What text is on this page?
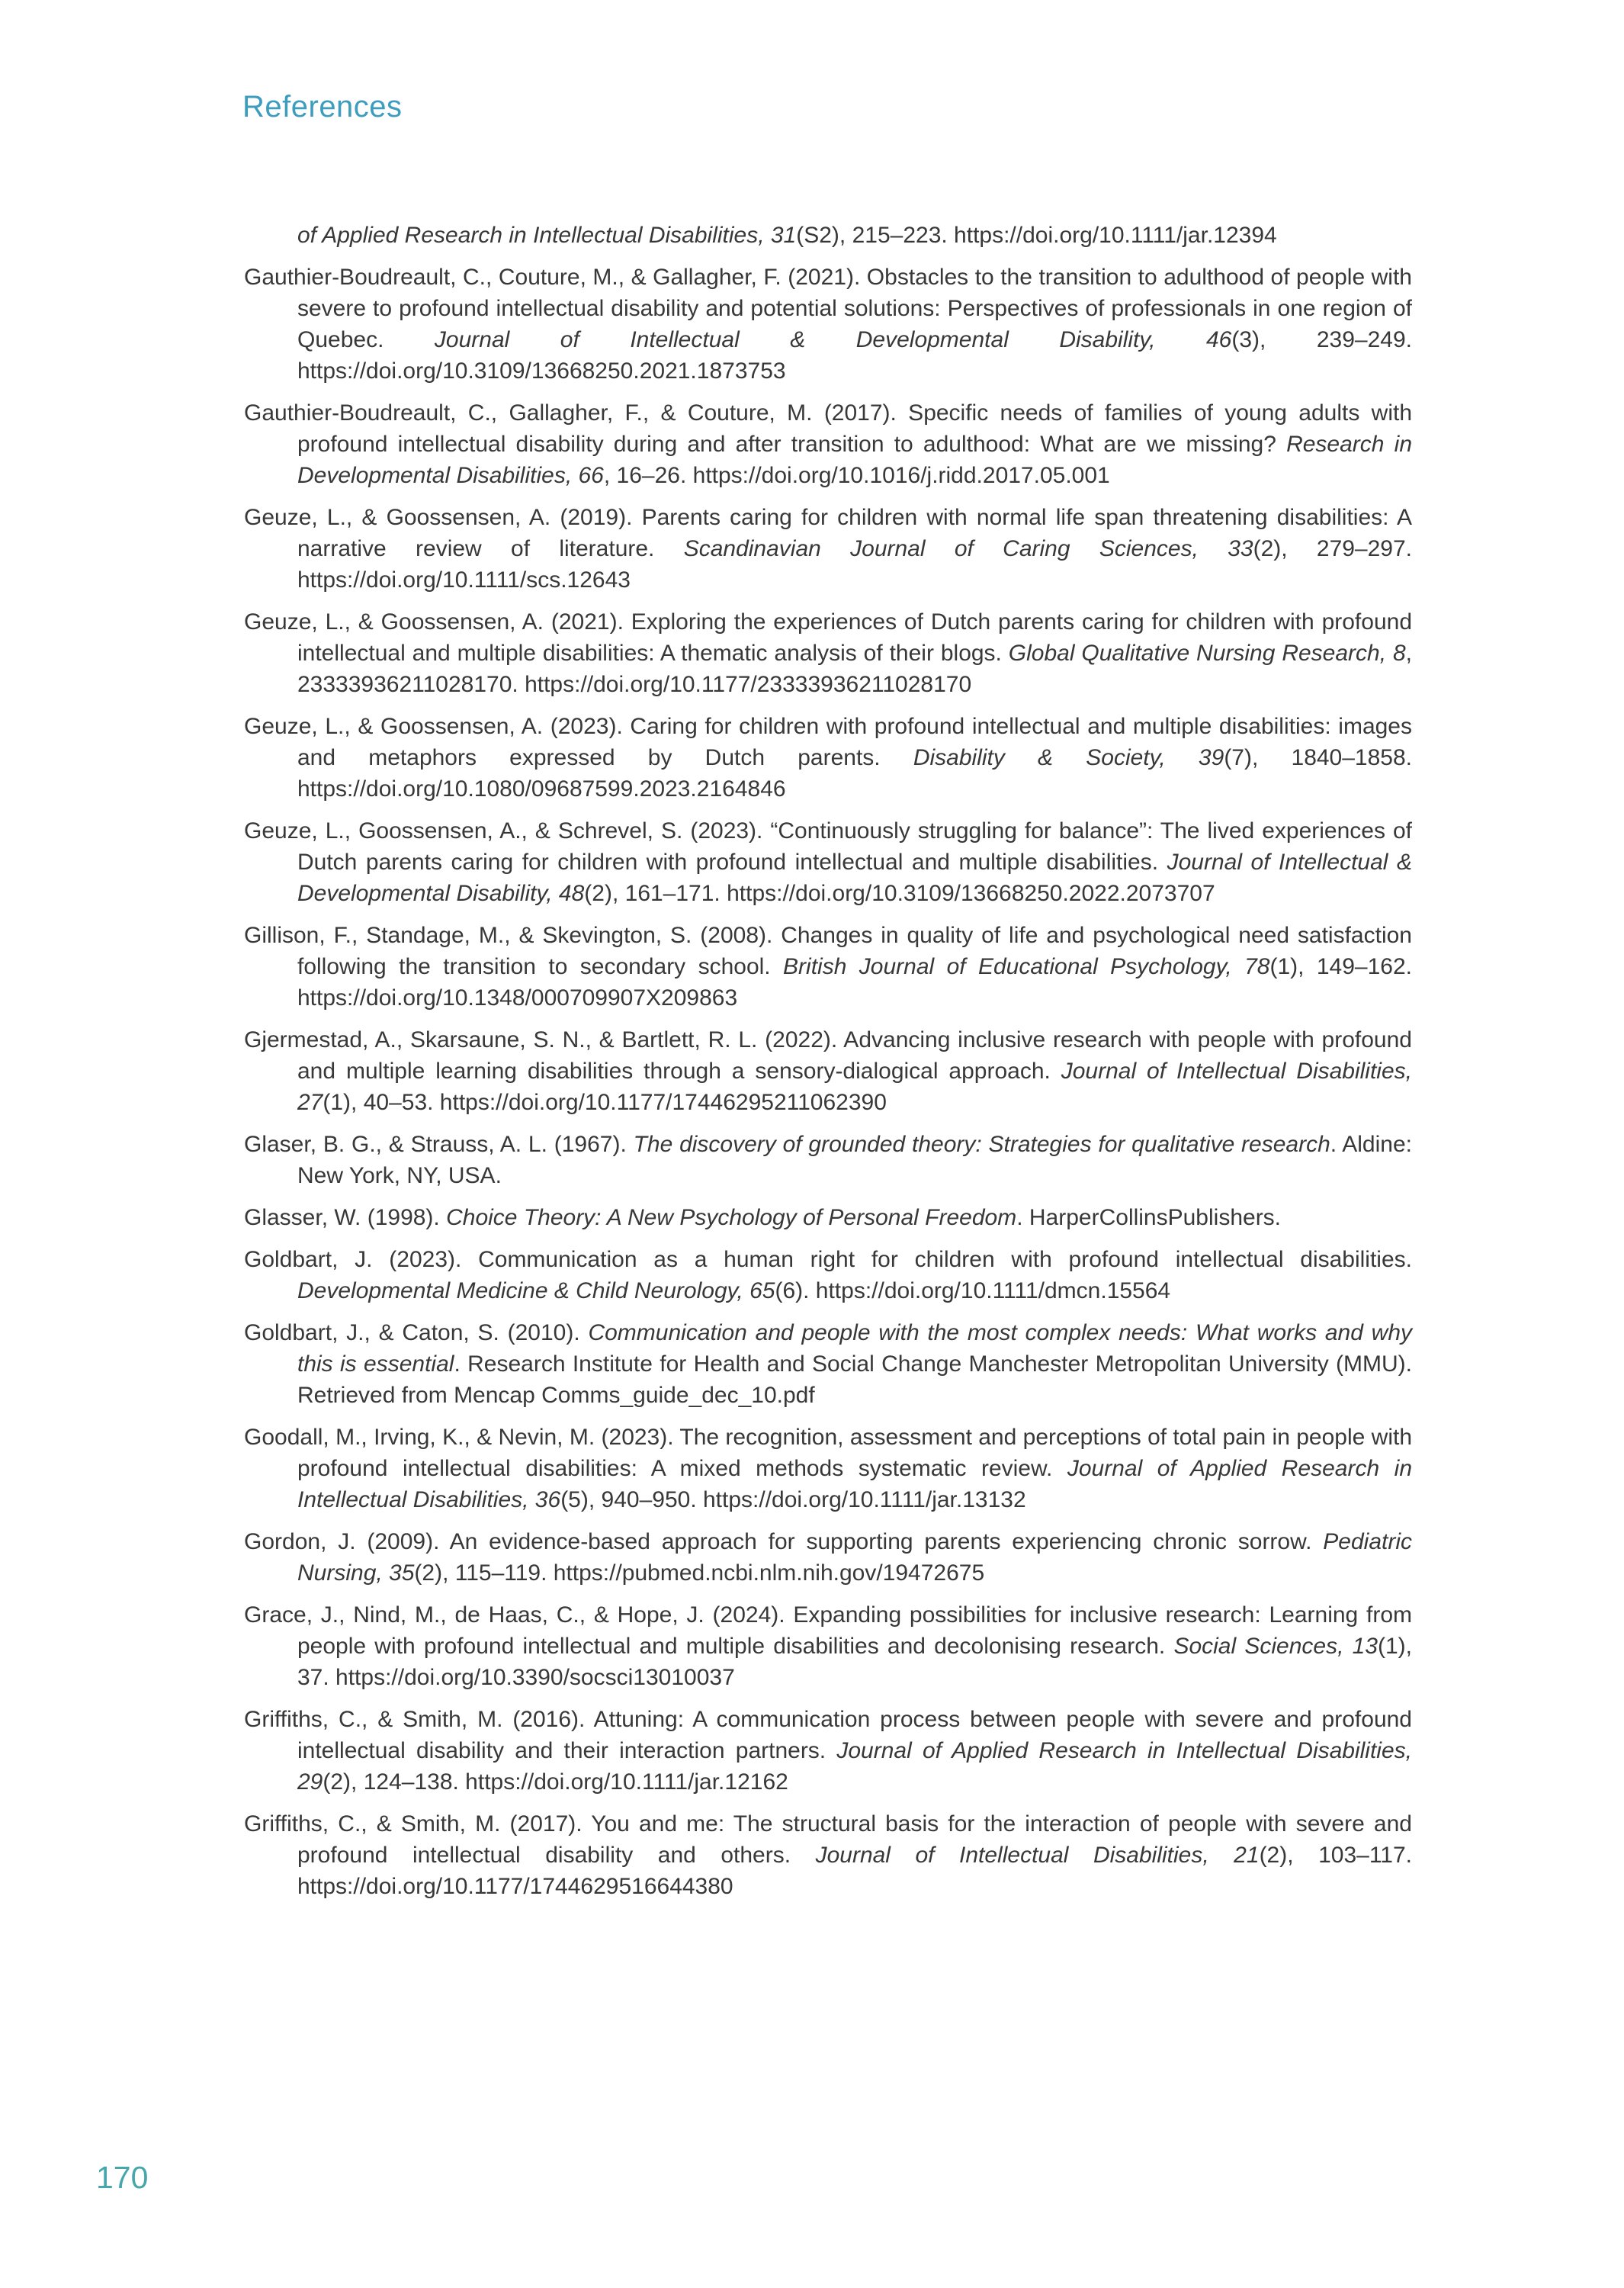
References

of Applied Research in Intellectual Disabilities, 31(S2), 215–223. https://doi.org/10.1111/jar.12394

Gauthier-Boudreault, C., Couture, M., & Gallagher, F. (2021). Obstacles to the transition to adulthood of people with severe to profound intellectual disability and potential solutions: Perspectives of professionals in one region of Quebec. Journal of Intellectual & Developmental Disability, 46(3), 239–249. https://doi.org/10.3109/13668250.2021.1873753

Gauthier-Boudreault, C., Gallagher, F., & Couture, M. (2017). Specific needs of families of young adults with profound intellectual disability during and after transition to adulthood: What are we missing? Research in Developmental Disabilities, 66, 16–26. https://doi.org/10.1016/j.ridd.2017.05.001

Geuze, L., & Goossensen, A. (2019). Parents caring for children with normal life span threatening disabilities: A narrative review of literature. Scandinavian Journal of Caring Sciences, 33(2), 279–297. https://doi.org/10.1111/scs.12643

Geuze, L., & Goossensen, A. (2021). Exploring the experiences of Dutch parents caring for children with profound intellectual and multiple disabilities: A thematic analysis of their blogs. Global Qualitative Nursing Research, 8, 23333936211028170. https://doi.org/10.1177/23333936211028170

Geuze, L., & Goossensen, A. (2023). Caring for children with profound intellectual and multiple disabilities: images and metaphors expressed by Dutch parents. Disability & Society, 39(7), 1840–1858. https://doi.org/10.1080/09687599.2023.2164846

Geuze, L., Goossensen, A., & Schrevel, S. (2023). “Continuously struggling for balance”: The lived experiences of Dutch parents caring for children with profound intellectual and multiple disabilities. Journal of Intellectual & Developmental Disability, 48(2), 161–171. https://doi.org/10.3109/13668250.2022.2073707

Gillison, F., Standage, M., & Skevington, S. (2008). Changes in quality of life and psychological need satisfaction following the transition to secondary school. British Journal of Educational Psychology, 78(1), 149–162. https://doi.org/10.1348/000709907X209863

Gjermestad, A., Skarsaune, S. N., & Bartlett, R. L. (2022). Advancing inclusive research with people with profound and multiple learning disabilities through a sensory-dialogical approach. Journal of Intellectual Disabilities, 27(1), 40–53. https://doi.org/10.1177/17446295211062390

Glaser, B. G., & Strauss, A. L. (1967). The discovery of grounded theory: Strategies for qualitative research. Aldine: New York, NY, USA.

Glasser, W. (1998). Choice Theory: A New Psychology of Personal Freedom. HarperCollinsPublishers.

Goldbart, J. (2023). Communication as a human right for children with profound intellectual disabilities. Developmental Medicine & Child Neurology, 65(6). https://doi.org/10.1111/dmcn.15564

Goldbart, J., & Caton, S. (2010). Communication and people with the most complex needs: What works and why this is essential. Research Institute for Health and Social Change Manchester Metropolitan University (MMU). Retrieved from Mencap Comms_guide_dec_10.pdf

Goodall, M., Irving, K., & Nevin, M. (2023). The recognition, assessment and perceptions of total pain in people with profound intellectual disabilities: A mixed methods systematic review. Journal of Applied Research in Intellectual Disabilities, 36(5), 940–950. https://doi.org/10.1111/jar.13132

Gordon, J. (2009). An evidence-based approach for supporting parents experiencing chronic sorrow. Pediatric Nursing, 35(2), 115–119. https://pubmed.ncbi.nlm.nih.gov/19472675

Grace, J., Nind, M., de Haas, C., & Hope, J. (2024). Expanding possibilities for inclusive research: Learning from people with profound intellectual and multiple disabilities and decolonising research. Social Sciences, 13(1), 37. https://doi.org/10.3390/socsci13010037

Griffiths, C., & Smith, M. (2016). Attuning: A communication process between people with severe and profound intellectual disability and their interaction partners. Journal of Applied Research in Intellectual Disabilities, 29(2), 124–138. https://doi.org/10.1111/jar.12162

Griffiths, C., & Smith, M. (2017). You and me: The structural basis for the interaction of people with severe and profound intellectual disability and others. Journal of Intellectual Disabilities, 21(2), 103–117. https://doi.org/10.1177/1744629516644380

170
